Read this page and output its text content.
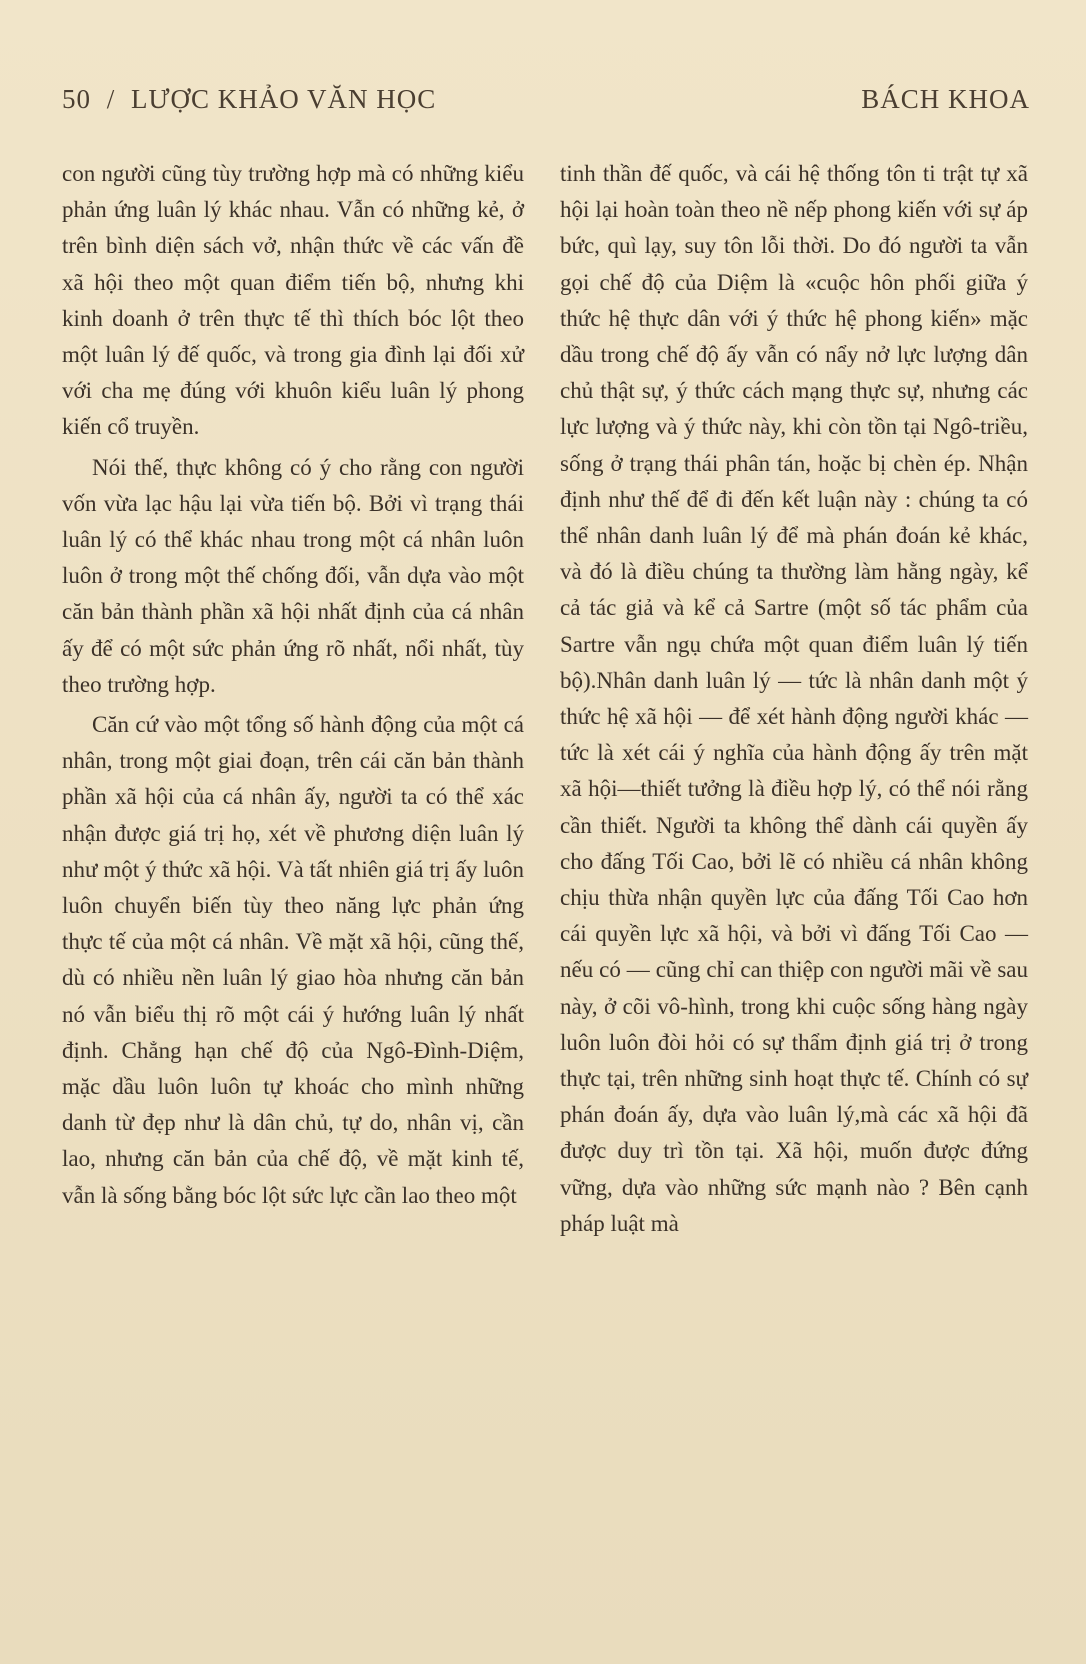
50 / LƯỢC KHẢO VĂN HỌC	BÁCH KHOA

con người cũng tùy trường hợp mà có những kiểu phản ứng luân lý khác nhau. Vẫn có những kẻ, ở trên bình diện sách vở, nhận thức về các vấn đề xã hội theo một quan điểm tiến bộ, nhưng khi kinh doanh ở trên thực tế thì thích bóc lột theo một luân lý đế quốc, và trong gia đình lại đối xử với cha mẹ đúng với khuôn kiểu luân lý phong kiến cổ truyền.

Nói thế, thực không có ý cho rằng con người vốn vừa lạc hậu lại vừa tiến bộ. Bởi vì trạng thái luân lý có thể khác nhau trong một cá nhân luôn luôn ở trong một thế chống đối, vẫn dựa vào một căn bản thành phần xã hội nhất định của cá nhân ấy để có một sức phản ứng rõ nhất, nổi nhất, tùy theo trường hợp.

Căn cứ vào một tổng số hành động của một cá nhân, trong một giai đoạn, trên cái căn bản thành phần xã hội của cá nhân ấy, người ta có thể xác nhận được giá trị họ, xét về phương diện luân lý như một ý thức xã hội. Và tất nhiên giá trị ấy luôn luôn chuyển biến tùy theo năng lực phản ứng thực tế của một cá nhân. Về mặt xã hội, cũng thế, dù có nhiều nền luân lý giao hòa nhưng căn bản nó vẫn biểu thị rõ một cái ý hướng luân lý nhất định. Chẳng hạn chế độ của Ngô-Đình-Diệm, mặc dầu luôn luôn tự khoác cho mình những danh từ đẹp như là dân chủ, tự do, nhân vị, cần lao, nhưng căn bản của chế độ, về mặt kinh tế, vẫn là sống bằng bóc lột sức lực cần lao theo một

tinh thần đế quốc, và cái hệ thống tôn ti trật tự xã hội lại hoàn toàn theo nề nếp phong kiến với sự áp bức, quì lạy, suy tôn lỗi thời. Do đó người ta vẫn gọi chế độ của Diệm là «cuộc hôn phối giữa ý thức hệ thực dân với ý thức hệ phong kiến» mặc dầu trong chế độ ấy vẫn có nẩy nở lực lượng dân chủ thật sự, ý thức cách mạng thực sự, nhưng các lực lượng và ý thức này, khi còn tồn tại Ngô-triều, sống ở trạng thái phân tán, hoặc bị chèn ép. Nhận định như thế để đi đến kết luận này : chúng ta có thể nhân danh luân lý để mà phán đoán kẻ khác, và đó là điều chúng ta thường làm hằng ngày, kể cả tác giả và kể cả Sartre (một số tác phẩm của Sartre vẫn ngụ chứa một quan điểm luân lý tiến bộ).Nhân danh luân lý — tức là nhân danh một ý thức hệ xã hội — để xét hành động người khác — tức là xét cái ý nghĩa của hành động ấy trên mặt xã hội—thiết tưởng là điều hợp lý, có thể nói rằng cần thiết. Người ta không thể dành cái quyền ấy cho đấng Tối Cao, bởi lẽ có nhiều cá nhân không chịu thừa nhận quyền lực của đấng Tối Cao hơn cái quyền lực xã hội, và bởi vì đấng Tối Cao — nếu có — cũng chỉ can thiệp con người mãi về sau này, ở cõi vô-hình, trong khi cuộc sống hàng ngày luôn luôn đòi hỏi có sự thẩm định giá trị ở trong thực tại, trên những sinh hoạt thực tế. Chính có sự phán đoán ấy, dựa vào luân lý,mà các xã hội đã được duy trì tồn tại. Xã hội, muốn được đứng vững, dựa vào những sức mạnh nào ? Bên cạnh pháp luật mà
